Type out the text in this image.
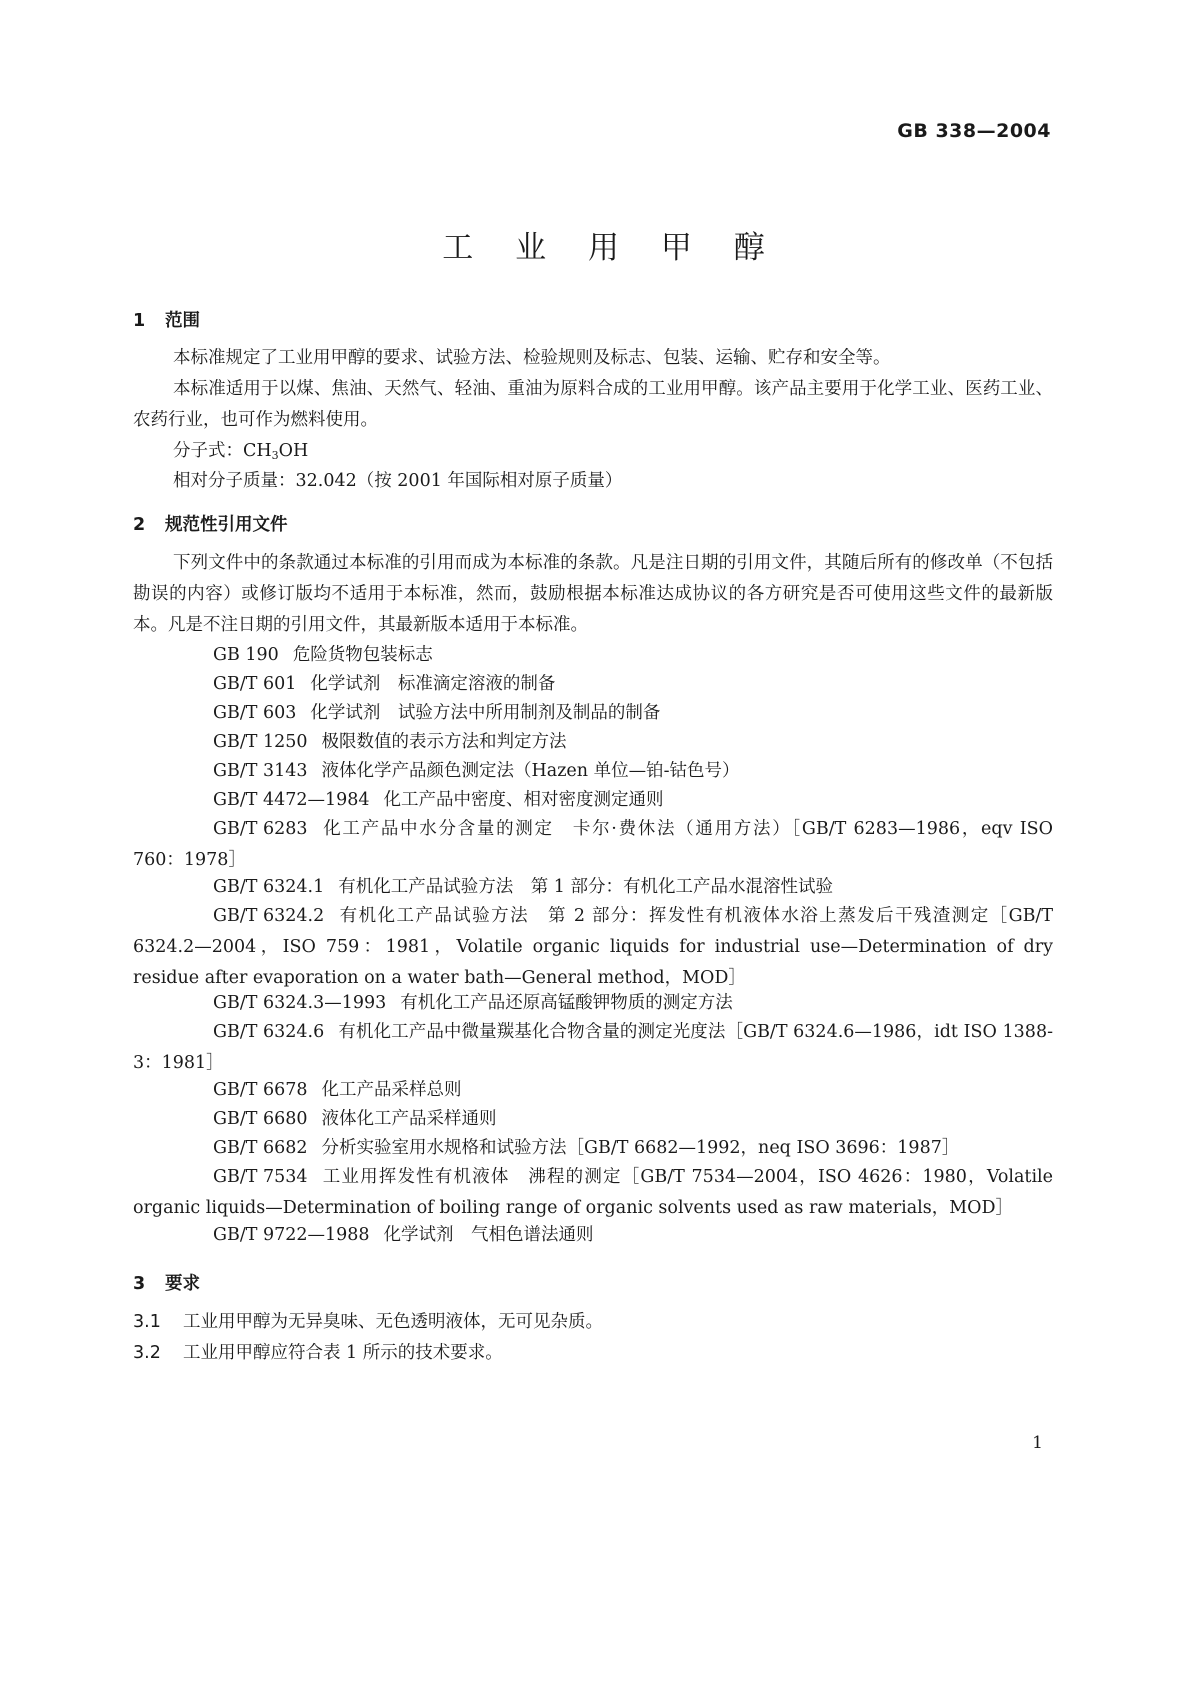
GB 338—2004
工 业 用 甲 醇
1 范围

本标准规定了工业用甲醇的要求、试验方法、检验规则及标志、包装、运输、贮存和安全等。

本标准适用于以煤、焦油、天然气、轻油、重油为原料合成的工业用甲醇。该产品主要用于化学工业、医药工业、农药行业，也可作为燃料使用。

分子式：$CH_3OH$

相对分子质量：32.042（按 2001 年国际相对原子质量）

2 规范性引用文件

下列文件中的条款通过本标准的引用而成为本标准的条款。凡是注日期的引用文件，其随后所有的修改单（不包括勘误的内容）或修订版均不适用于本标准，然而，鼓励根据本标准达成协议的各方研究是否可使用这些文件的最新版本。凡是不注日期的引用文件，其最新版本适用于本标准。

GB 190 危险货物包装标志

GB/T 601 化学试剂　标准滴定溶液的制备

GB/T 603 化学试剂　试验方法中所用制剂及制品的制备

GB/T 1250 极限数值的表示方法和判定方法

GB/T 3143 液体化学产品颜色测定法（Hazen 单位—铂-钴色号）

GB/T 4472—1984 化工产品中密度、相对密度测定通则

GB/T 6283 化工产品中水分含量的测定　卡尔·费休法（通用方法）［GB/T 6283—1986，eqv ISO 760：1978］

GB/T 6324.1 有机化工产品试验方法　第 1 部分：有机化工产品水混溶性试验

GB/T 6324.2 有机化工产品试验方法　第 2 部分：挥发性有机液体水浴上蒸发后干残渣测定［GB/T 6324.2—2004，ISO 759：1981，Volatile organic liquids for industrial use—Determination of dry residue after evaporation on a water bath—General method，MOD］

GB/T 6324.3—1993 有机化工产品还原高锰酸钾物质的测定方法

GB/T 6324.6 有机化工产品中微量羰基化合物含量的测定光度法［GB/T 6324.6—1986，idt ISO 1388-3：1981］

GB/T 6678 化工产品采样总则

GB/T 6680 液体化工产品采样通则

GB/T 6682 分析实验室用水规格和试验方法［GB/T 6682—1992，neq ISO 3696：1987］

GB/T 7534 工业用挥发性有机液体　沸程的测定［GB/T 7534—2004，ISO 4626：1980，Volatile organic liquids—Determination of boiling range of organic solvents used as raw materials，MOD］

GB/T 9722—1988 化学试剂　气相色谱法通则

3 要求
3.1 工业用甲醇为无异臭味、无色透明液体，无可见杂质。
3.2 工业用甲醇应符合表 1 所示的技术要求。
1
